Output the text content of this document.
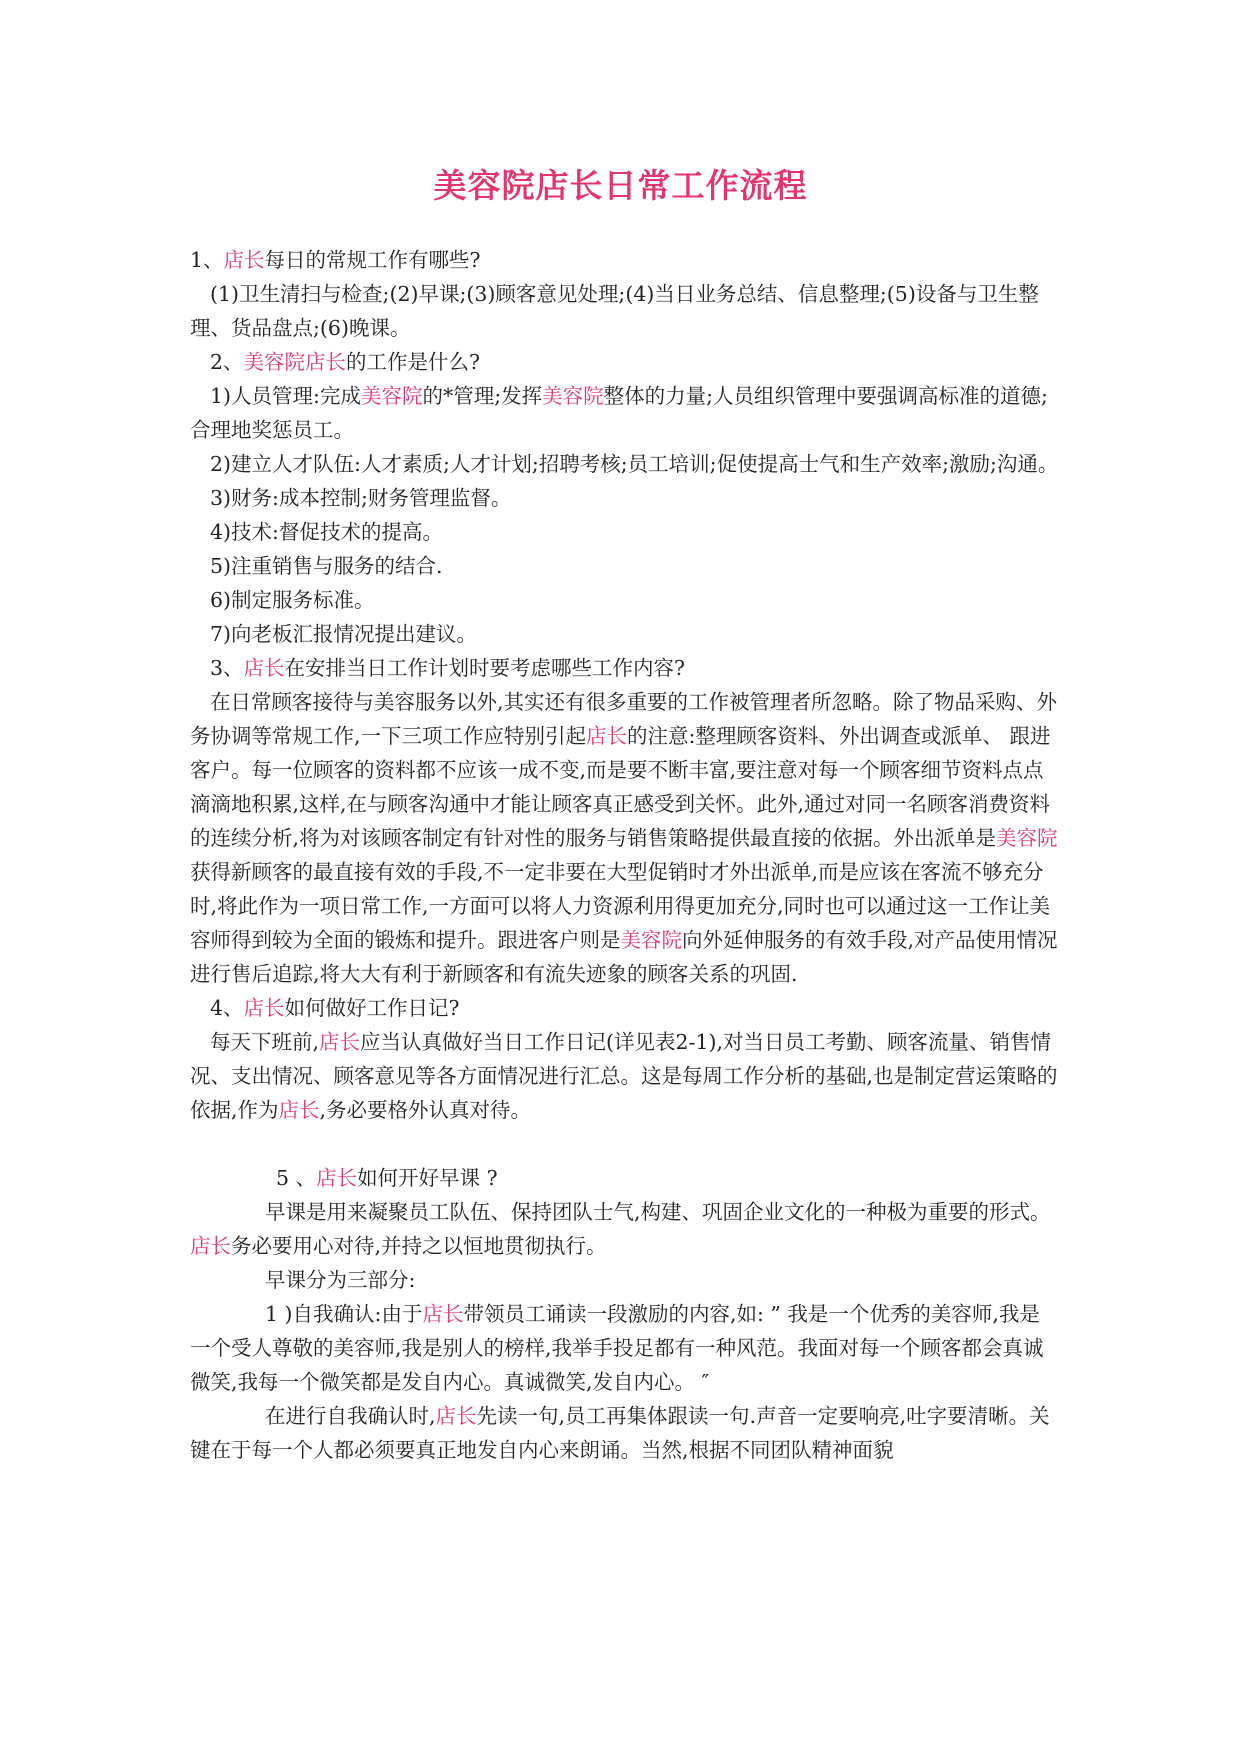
美容院店长日常工作流程

1、店长每日的常规工作有哪些?

(1)卫生清扫与检查;(2)早课;(3)顾客意见处理;(4)当日业务总结、信息整理;(5)设备与卫生整理、货品盘点;(6)晚课。

2、美容院店长的工作是什么?

1)人员管理:完成美容院的*管理;发挥美容院整体的力量;人员组织管理中要强调高标准的道德;合理地奖惩员工。

2)建立人才队伍:人才素质;人才计划;招聘考核;员工培训;促使提高士气和生产效率;激励;沟通。

3)财务:成本控制;财务管理监督。

4)技术:督促技术的提高。

5)注重销售与服务的结合.

6)制定服务标准。

7)向老板汇报情况提出建议。

3、店长在安排当日工作计划时要考虑哪些工作内容?

在日常顾客接待与美容服务以外,其实还有很多重要的工作被管理者所忽略。除了物品采购、外务协调等常规工作,一下三项工作应特别引起店长的注意:整理顾客资料、外出调查或派单、 跟进客户。每一位顾客的资料都不应该一成不变,而是要不断丰富,要注意对每一个顾客细节资料点点滴滴地积累,这样,在与顾客沟通中才能让顾客真正感受到关怀。此外,通过对同一名顾客消费资料的连续分析,将为对该顾客制定有针对性的服务与销售策略提供最直接的依据。外出派单是美容院获得新顾客的最直接有效的手段,不一定非要在大型促销时才外出派单,而是应该在客流不够充分时,将此作为一项日常工作,一方面可以将人力资源利用得更加充分,同时也可以通过这一工作让美容师得到较为全面的锻炼和提升。跟进客户则是美容院向外延伸服务的有效手段,对产品使用情况进行售后追踪,将大大有利于新顾客和有流失迹象的顾客关系的巩固.

4、店长如何做好工作日记?

每天下班前,店长应当认真做好当日工作日记(详见表2-1),对当日员工考勤、顾客流量、销售情况、支出情况、顾客意见等各方面情况进行汇总。这是每周工作分析的基础,也是制定营运策略的依据,作为店长,务必要格外认真对待。

5 、店长如何开好早课 ?

早课是用来凝聚员工队伍、保持团队士气,构建、巩固企业文化的一种极为重要的形式。店长务必要用心对待,并持之以恒地贯彻执行。

早课分为三部分:

1 )自我确认:由于店长带领员工诵读一段激励的内容,如: ” 我是一个优秀的美容师,我是一个受人尊敬的美容师,我是别人的榜样,我举手投足都有一种风范。我面对每一个顾客都会真诚微笑,我每一个微笑都是发自内心。真诚微笑,发自内心。 ″

在进行自我确认时,店长先读一句,员工再集体跟读一句.声音一定要响亮,吐字要清晰。关键在于每一个人都必须要真正地发自内心来朗诵。当然,根据不同团队精神面貌
